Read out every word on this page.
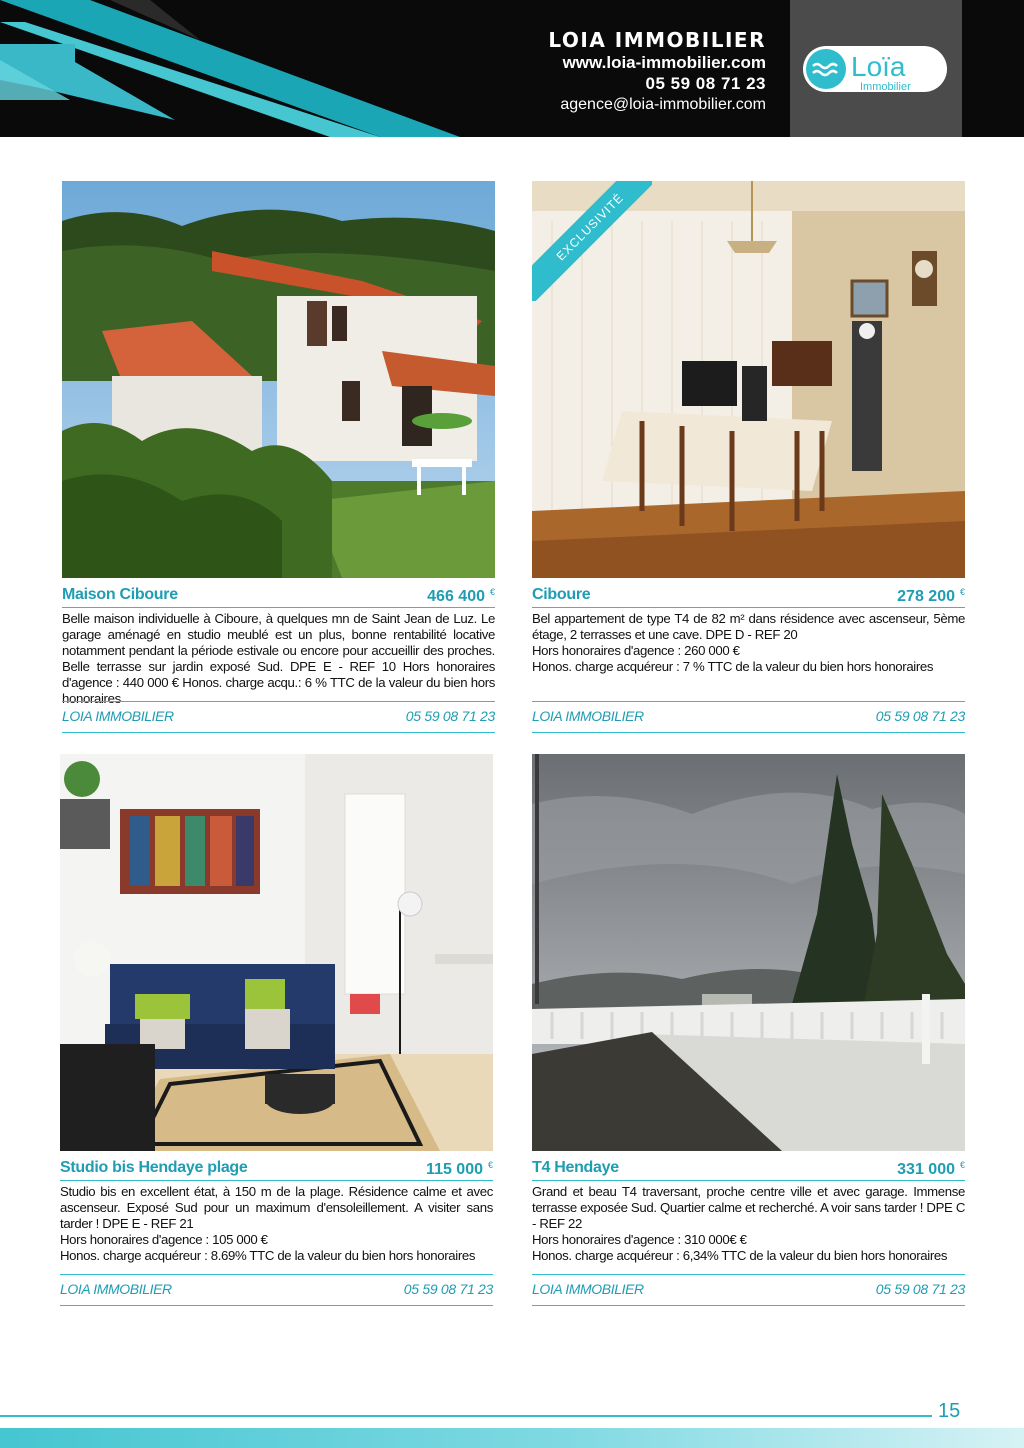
LOIA IMMOBILIER
www.loia-immobilier.com
05 59 08 71 23
agence@loia-immobilier.com
Loïa
Immobilier
Maison Ciboure	466 400 €

Belle maison individuelle à Ciboure, à quelques mn de Saint Jean de Luz. Le garage aménagé en studio meublé est un plus, bonne rentabilité locative notamment pendant la période estivale ou encore pour accueillir des proches. Belle terrasse sur jardin exposé Sud. DPE E - REF 10 Hors honoraires d'agence : 440 000 € Honos. charge acqu.: 6 % TTC de la valeur du bien hors honoraires

LOIA IMMOBILIER	05 59 08 71 23
EXCLUSIVITÉ
Ciboure	278 200 €

Bel appartement de type T4 de 82 m² dans résidence avec ascenseur, 5ème étage, 2 terrasses et une cave. DPE D - REF 20

Hors honoraires d'agence : 260 000 €

Honos. charge acquéreur : 7 % TTC de la valeur du bien hors honoraires

LOIA IMMOBILIER	05 59 08 71 23
Studio bis Hendaye plage	115 000 €

Studio bis en excellent état, à 150 m de la plage. Résidence calme et avec ascenseur. Exposé Sud pour un maximum d'ensoleillement. A visiter sans tarder ! DPE E - REF 21

Hors honoraires d'agence : 105 000 €

Honos. charge acquéreur : 8.69% TTC de la valeur du bien hors honoraires

LOIA IMMOBILIER	05 59 08 71 23
T4 Hendaye	331 000 €

Grand et beau T4 traversant, proche centre ville et avec garage. Immense terrasse exposée Sud. Quartier calme et recherché. A voir sans tarder ! DPE C - REF 22

Hors honoraires d'agence : 310 000€ €

Honos. charge acquéreur : 6,34% TTC de la valeur du bien hors honoraires

LOIA IMMOBILIER	05 59 08 71 23
15
